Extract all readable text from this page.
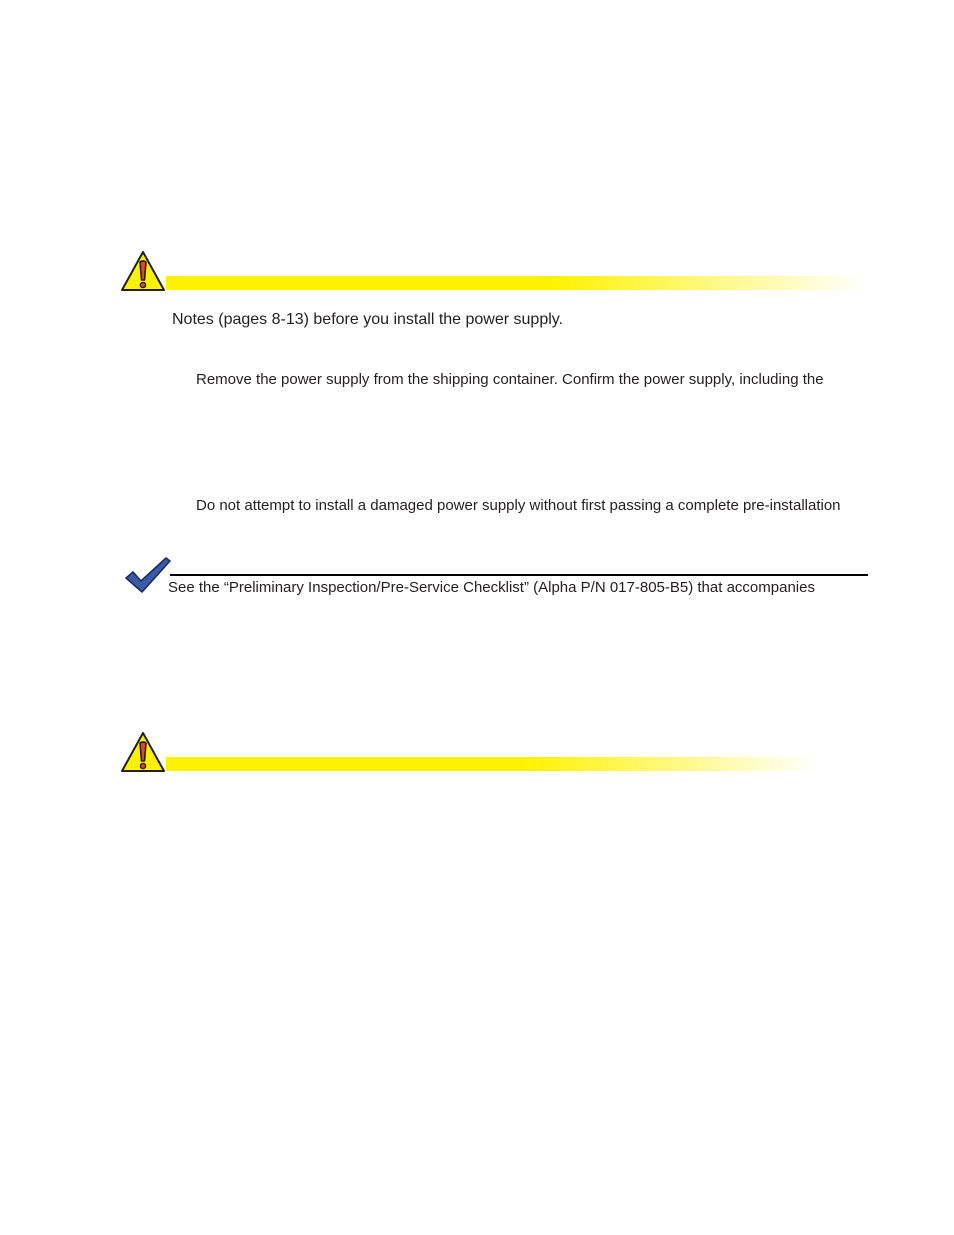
Notes (pages 8-13) before you install the power supply.
Remove the power supply from the shipping container. Confirm the power supply, including the
Do not attempt to install a damaged power supply without first passing a complete pre-installation
See the “Preliminary Inspection/Pre-Service Checklist” (Alpha P/N 017-805-B5) that accompanies
